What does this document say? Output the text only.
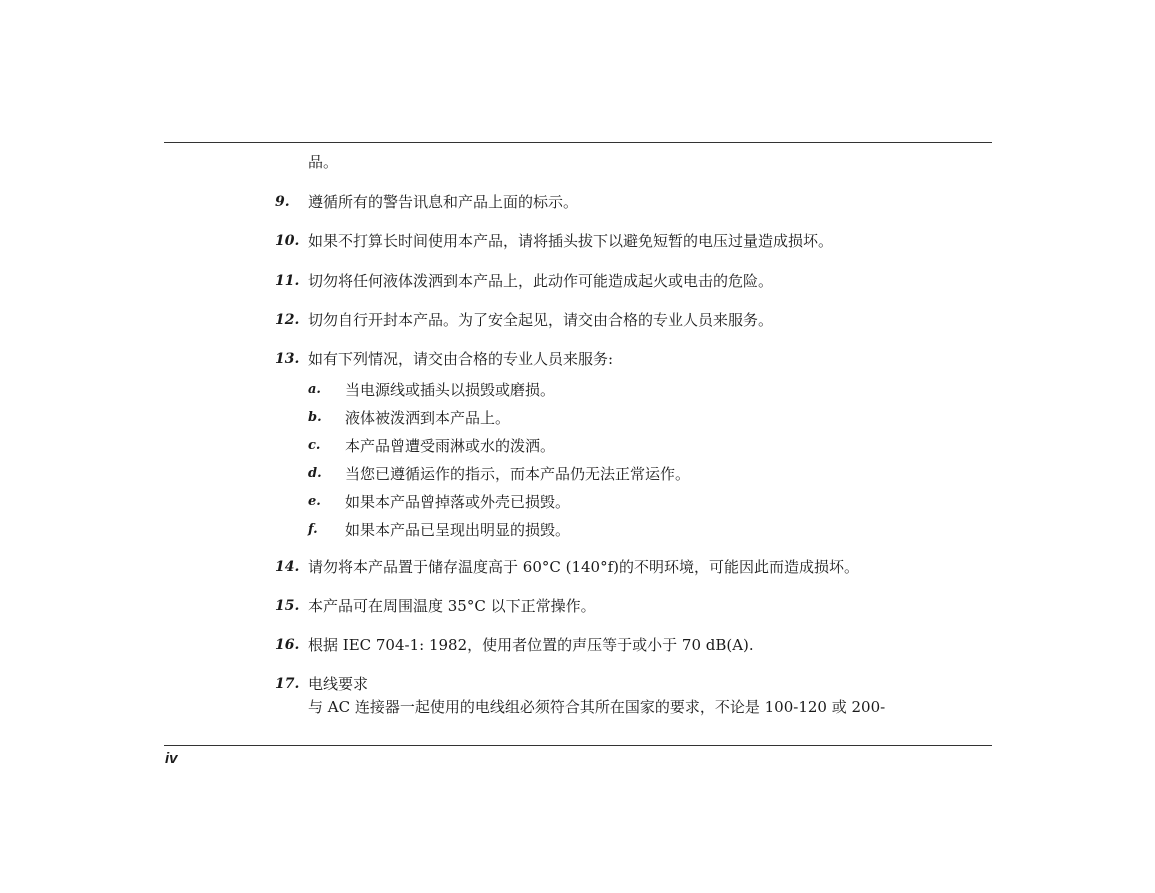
品。
9. 遵循所有的警告讯息和产品上面的标示。
10. 如果不打算长时间使用本产品，请将插头拔下以避免短暂的电压过量造成损坏。
11. 切勿将任何液体泼洒到本产品上，此动作可能造成起火或电击的危险。
12. 切勿自行开封本产品。为了安全起见，请交由合格的专业人员来服务。
13. 如有下列情况，请交由合格的专业人员来服务:
a. 当电源线或插头以损毁或磨损。
b. 液体被泼洒到本产品上。
c. 本产品曾遭受雨淋或水的泼洒。
d. 当您已遵循运作的指示，而本产品仍无法正常运作。
e. 如果本产品曾掉落或外壳已损毁。
f. 如果本产品已呈现出明显的损毁。
14. 请勿将本产品置于储存温度高于 60°C (140°f)的不明环境，可能因此而造成损坏。
15. 本产品可在周围温度 35°C 以下正常操作。
16. 根据 IEC 704-1: 1982，使用者位置的声压等于或小于 70 dB(A).
17. 电线要求
与 AC 连接器一起使用的电线组必须符合其所在国家的要求，不论是 100-120 或 200-
iv
